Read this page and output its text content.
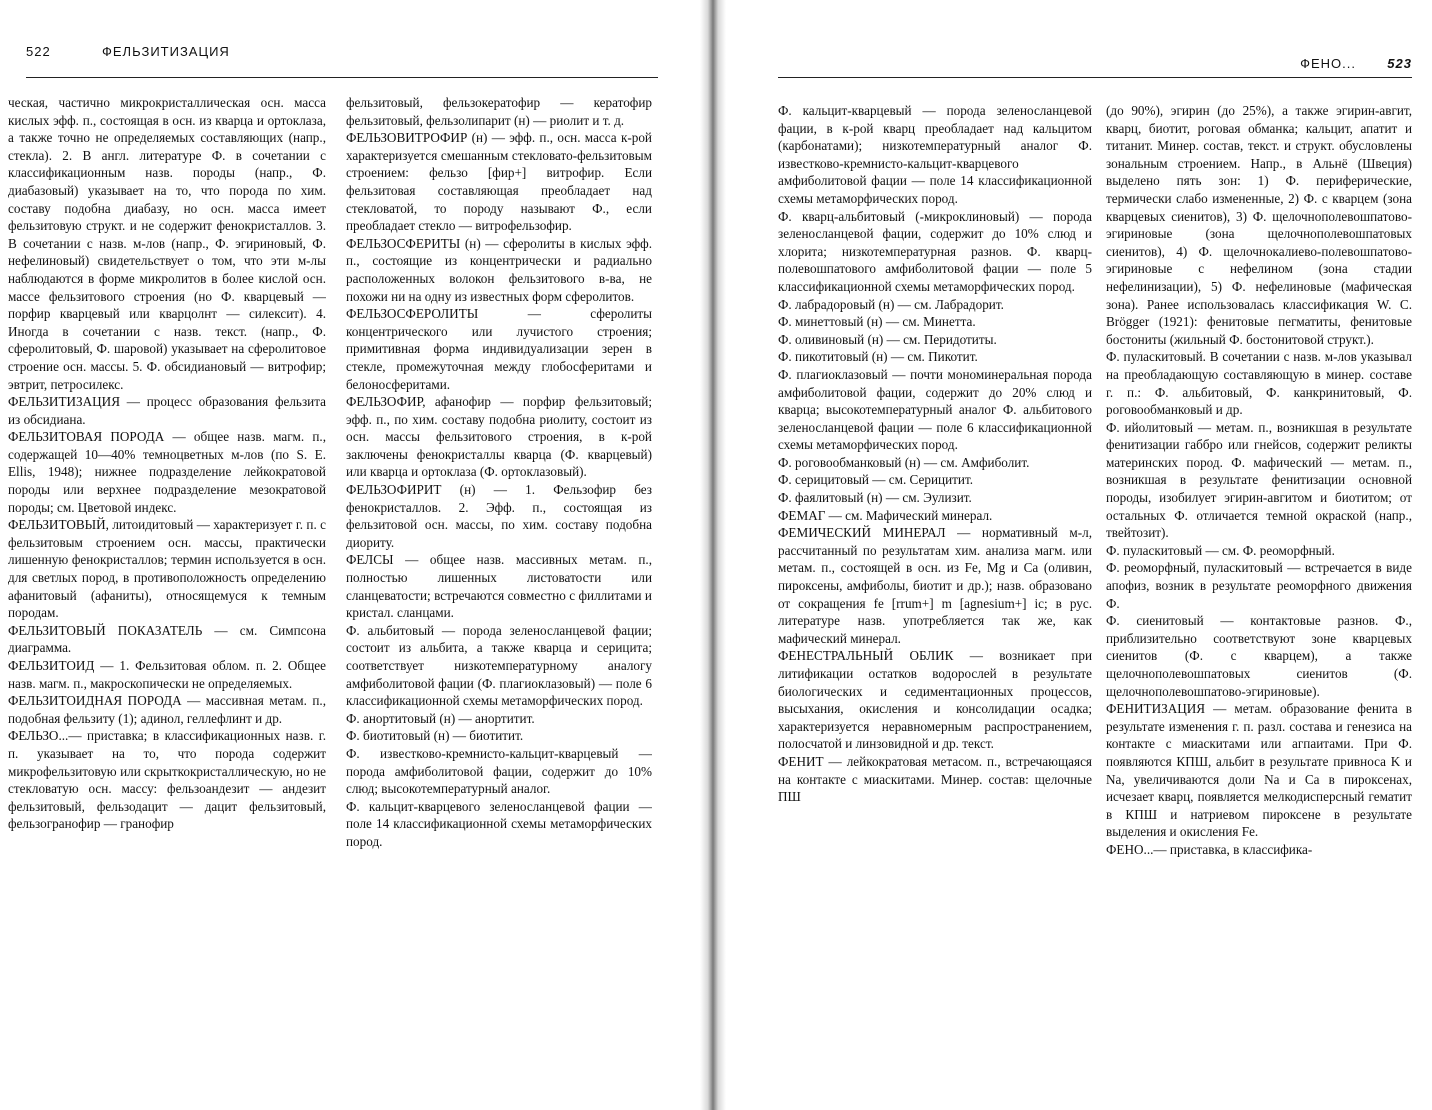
522	ФЕЛЬЗИТИЗАЦИЯ

ческая, частично микрокристаллическая осн. масса кислых эфф. п., состоящая в осн. из кварца и ортоклаза, а также точно не определяемых составляющих (напр., стекла). 2. В англ. литературе Ф. в сочетании с классификационным назв. породы (напр., Ф. диабазовый) указывает на то, что порода по хим. составу подобна диабазу, но осн. масса имеет фельзитовую структ. и не содержит фенокристаллов. 3. В сочетании с назв. м-лов (напр., Ф. эгириновый, Ф. нефелиновый) свидетельствует о том, что эти м-лы наблюдаются в форме микролитов в более кислой осн. массе фельзитового строения (но Ф. кварцевый — порфир кварцевый или кварцолнт — силексит). 4. Иногда в сочетании с назв. текст. (напр., Ф. сферолитовый, Ф. шаровой) указывает на сферолитовое строение осн. массы. 5. Ф. обсидиановый — витрофир; эвтрит, петросилекс.

ФЕЛЬЗИТИЗАЦИЯ — процесс образования фельзита из обсидиана.

ФЕЛЬЗИТОВАЯ ПОРОДА — общее назв. магм. п., содержащей 10—40% темноцветных м-лов (по S. E. Ellis, 1948); нижнее подразделение лейкократовой породы или верхнее подразделение мезократовой породы; см. Цветовой индекс.

ФЕЛЬЗИТОВЫЙ, литоидитовый — характеризует г. п. с фельзитовым строением осн. массы, практически лишенную фенокристаллов; термин используется в осн. для светлых пород, в противоположность определению афанитовый (афаниты), относящемуся к темным породам.

ФЕЛЬЗИТОВЫЙ ПОКАЗАТЕЛЬ — см. Симпсона диаграмма.

ФЕЛЬЗИТОИД — 1. Фельзитовая облом. п. 2. Общее назв. магм. п., макроскопически не определяемых.

ФЕЛЬЗИТОИДНАЯ ПОРОДА — массивная метам. п., подобная фельзиту (1); адинол, геллефлинт и др.

ФЕЛЬЗО...— приставка; в классификационных назв. г. п. указывает на то, что порода содержит микрофельзитовую или скрыткокристаллическую, но не стекловатую осн. массу: фельзоандезит — андезит фельзитовый, фельзодацит — дацит фельзитовый, фельзогранофир — гранофир

фельзитовый, фельзокератофир — кератофир фельзитовый, фельзолипарит (н) — риолит и т. д.

ФЕЛЬЗОВИТРОФИР (н) — эфф. п., осн. масса к-рой характеризуется смешанным стекловато-фельзитовым строением: фельзо [фир+] витрофир. Если фельзитовая составляющая преобладает над стекловатой, то породу называют Ф., если преобладает стекло — витрофельзофир.

ФЕЛЬЗОСФЕРИТЫ (н) — сферолиты в кислых эфф. п., состоящие из концентрически и радиально расположенных волокон фельзитового в-ва, не похожи ни на одну из известных форм сферолитов.

ФЕЛЬЗОСФЕРОЛИТЫ — сферолиты концентрического или лучистого строения; примитивная форма индивидуализации зерен в стекле, промежуточная между глобосферитами и белоносферитами.

ФЕЛЬЗОФИР, афанофир — порфир фельзитовый; эфф. п., по хим. составу подобна риолиту, состоит из осн. массы фельзитового строения, в к-рой заключены фенокристаллы кварца (Ф. кварцевый) или кварца и ортоклаза (Ф. ортоклазовый).

ФЕЛЬЗОФИРИТ (н) — 1. Фельзофир без фенокристаллов. 2. Эфф. п., состоящая из фельзитовой осн. массы, по хим. составу подобна диориту.

ФЕЛСЫ — общее назв. массивных метам. п., полностью лишенных листоватости или сланцеватости; встречаются совместно с филлитами и кристал. сланцами.

Ф. альбитовый — порода зеленосланцевой фации; состоит из альбита, а также кварца и серицита; соответствует низкотемпературному аналогу амфиболитовой фации (Ф. плагиоклазовый) — поле 6 классификационной схемы метаморфических пород.

Ф. анортитовый (н) — анортитит.

Ф. биотитовый (н) — биотитит.

Ф. известково-кремнисто-кальцит-кварцевый — порода амфиболитовой фации, содержит до 10% слюд; высокотемпературный аналог.

Ф. кальцит-кварцевого зеленосланцевой фации — поле 14 классификационной схемы метаморфических пород.

ФЕНО... 523

Ф. кальцит-кварцевый — порода зеленосланцевой фации, в к-рой кварц преобладает над кальцитом (карбонатами); низкотемпературный аналог Ф. известково-кремнисто-кальцит-кварцевого амфиболитовой фации — поле 14 классификационной схемы метаморфических пород.

Ф. кварц-альбитовый (-микроклиновый) — порода зеленосланцевой фации, содержит до 10% слюд и хлорита; низкотемпературная разнов. Ф. кварц-полевошпатового амфиболитовой фации — поле 5 классификационной схемы метаморфических пород.

Ф. лабрадоровый (н) — см. Лабрадорит.

Ф. минеттовый (н) — см. Минетта.

Ф. оливиновый (н) — см. Перидотиты.

Ф. пикотитовый (н) — см. Пикотит.

Ф. плагиоклазовый — почти мономинеральная порода амфиболитовой фации, содержит до 20% слюд и кварца; высокотемпературный аналог Ф. альбитового зеленосланцевой фации — поле 6 классификационной схемы метаморфических пород.

Ф. роговообманковый (н) — см. Амфиболит.

Ф. серицитовый — см. Серицитит.

Ф. фаялитовый (н) — см. Эулизит.

ФЕМАГ — см. Мафический минерал.

ФЕМИЧЕСКИЙ МИНЕРАЛ — нормативный м-л, рассчитанный по результатам хим. анализа магм. или метам. п., состоящей в осн. из Fe, Mg и Ca (оливин, пироксены, амфиболы, биотит и др.); назв. образовано от сокращения fe [rrum+] m [agnesium+] ic; в рус. литературе назв. употребляется так же, как мафический минерал.

ФЕНЕСТРАЛЬНЫЙ ОБЛИК — возникает при литификации остатков водорослей в результате биологических и седиментационных процессов, высыхания, окисления и консолидации осадка; характеризуется неравномерным распространением, полосчатой и линзовидной и др. текст.

ФЕНИТ — лейкократовая метасом. п., встречающаяся на контакте с миаскитами. Минер. состав: щелочные ПШ

(до 90%), эгирин (до 25%), а также эгирин-авгит, кварц, биотит, роговая обманка; кальцит, апатит и титанит. Минер. состав, текст. и структ. обусловлены зональным строением. Напр., в Альнё (Швеция) выделено пять зон: 1) Ф. периферические, термически слабо измененные, 2) Ф. с кварцем (зона кварцевых сиенитов), 3) Ф. щелочнополевошпатово-эгириновые (зона щелочнополевошпатовых сиенитов), 4) Ф. щелочнокалиево-полевошпатово-эгириновые с нефелином (зона стадии нефелинизации), 5) Ф. нефелиновые (мафическая зона). Ранее использовалась классификация W. C. Brögger (1921): фенитовые пегматиты, фенитовые бостониты (жильный Ф. бостонитовой структ.).

Ф. пуласкитовый. В сочетании с назв. м-лов указывал на преобладающую составляющую в минер. составе г. п.: Ф. альбитовый, Ф. канкринитовый, Ф. роговообманковый и др.

Ф. ийолитовый — метам. п., возникшая в результате фенитизации габбро или гнейсов, содержит реликты материнских пород. Ф. мафический — метам. п., возникшая в результате фенитизации основной породы, изобилует эгирин-авгитом и биотитом; от остальных Ф. отличается темной окраской (напр., твейтозит).

Ф. пуласкитовый — см. Ф. реоморфный.

Ф. реоморфный, пуласкитовый — встречается в виде апофиз, возник в результате реоморфного движения Ф.

Ф. сиенитовый — контактовые разнов. Ф., приблизительно соответствуют зоне кварцевых сиенитов (Ф. с кварцем), а также щелочнополевошпатовых сиенитов (Ф. щелочнополевошпатово-эгириновые).

ФЕНИТИЗАЦИЯ — метам. образование фенита в результате изменения г. п. разл. состава и генезиса на контакте с миаскитами или агпаитами. При Ф. появляются КПШ, альбит в результате привноса K и Na, увеличиваются доли Na и Ca в пироксенах, исчезает кварц, появляется мелкодисперсный гематит в КПШ и натриевом пироксене в результате выделения и окисления Fe.

ФЕНО...— приставка, в классифика-
